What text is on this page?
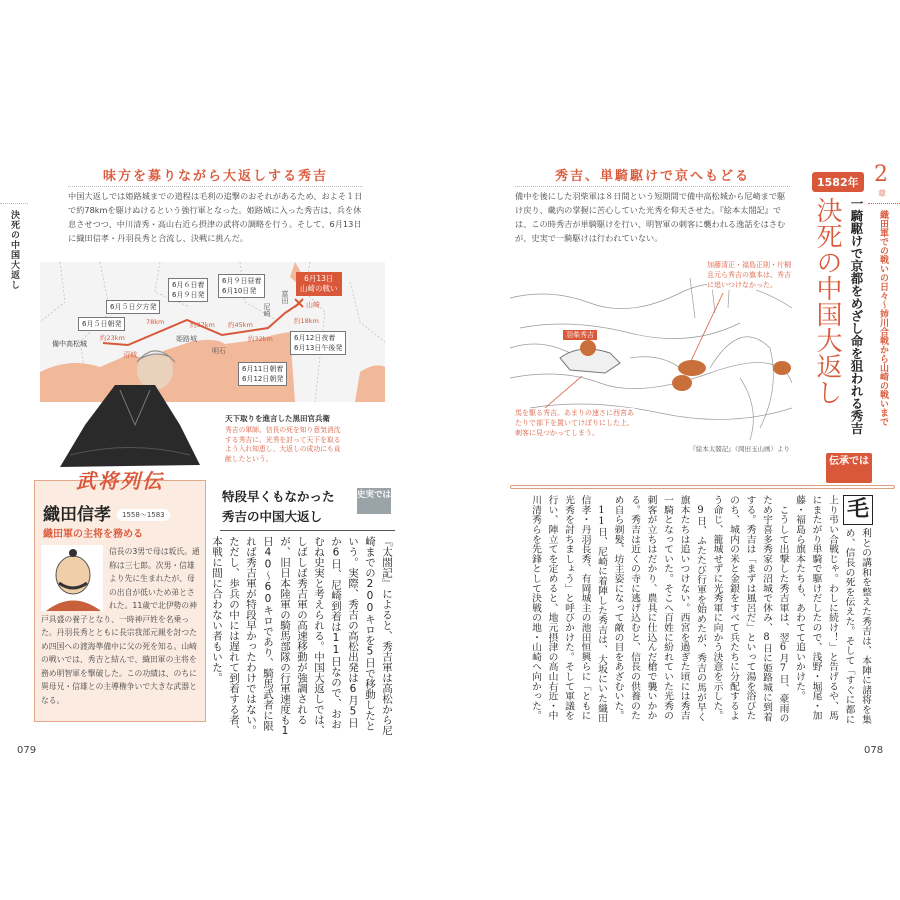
決死の中国大返し
味方を募りながら大返しする秀吉
中国大返しでは姫路城までの道程は毛利の追撃のおそれがあるため、およそ１日で約78kmを駆けぬけるという強行軍となった。姫路城に入った秀吉は、兵を休息させつつ、中川清秀・高山右近ら摂津の武将の調略を行う。そして、6月13日に織田信孝・丹羽長秀と合流し、決戦に挑んだ。
備中高松城
沼城
姫路城
明石
尼崎
富田
山崎
約23km
78km	約37km 約45km
約32km
約18km
6月５日朝発
6月５日夕方発
6月６日着
6月９日発
6月９日昼着
6月10日発
6月11日朝着
6月12日朝発
6月12日夜着
6月13日午後発
6月13日
山崎の戦い
天下取りを進言した黒田官兵衛
秀吉の軍師。信長の死を知り意気消沈する秀吉に、光秀を討って天下を取るよう入れ知恵し、大返しの成功にも貢献したという。
武将列伝
織田信孝	1558～1583
織田軍の主将を務める
信長の3男で母は坂氏。通称は三七郎。次男・信雄より先に生まれたが、母の出自が低いため弟とされた。11歳で北伊勢の神戸具盛の養子となり、一時神戸姓を名乗った。丹羽長秀とともに長宗我部元親を討つため四国への渡海準備中に父の死を知る。山崎の戦いでは、秀吉と結んで、織田軍の主将を務め明智軍を撃破した。この功績は、のちに異母兄・信雄との主導権争いで大きな武器となる。
特段早くもなかった
秀吉の中国大返し
史実では
『太閤記』によると、秀吉軍は高松から尼崎までの200キロを5日で移動したという。実際、秀吉の高松出発は6月5日か6日、尼崎到着は11日なので、おおむね史実と考えられる。中国大返しでは、しばしば秀吉軍の高速移動が強調されるが、旧日本陸軍の騎馬部隊の行軍速度も1日40～60キロであり、騎馬武者に限れば秀吉軍が特段早かったわけではない。ただし、歩兵の中には遅れて到着する者、本戦に間に合わない者もいた。
079
秀吉、単騎駆けで京へもどる
備中を後にした羽柴軍は８日間という短期間で備中高松城から尼崎まで駆け戻り、畿内の掌握に苦心していた光秀を仰天させた。『絵本太閤記』では、この時秀吉が単騎駆けを行い、明智軍の刺客に襲われる逸話をはさむが、史実で一騎駆けは行われていない。
加藤清正・福島正則・片桐且元ら秀吉の旗本は、秀吉に追いつけなかった。
羽柴秀吉
馬を駆る秀吉。あまりの速さに西宮あたりで部下を置いてけぼりにした上、刺客に見つかってしまう。
『絵本太閤記』（岡田玉山画）より
1582年
決死の中国大返し 一騎駆けで京都をめざし命を狙われる秀吉
2
章
織田軍での戦いの日々～姉川合戦から山崎の戦いまで
伝承では
毛
利との講和を整えた秀吉は、本陣に諸将を集め、信長の死を伝えた。そして「すぐに都に上り弔い合戦じゃ。わしに続け！」と告げるや、馬にまたがり単騎で駆けだしたので、浅野・堀尾・加藤・福島ら旗本たちも、あわてて追いかけた。
　こうして出撃した秀吉軍は、翌6月7日、豪雨のため宇喜多秀家の沼城で休み、8日に姫路城に到着する。秀吉は「まずは風呂だ」といって湯を浴びたのち、城内の米と金銀をすべて兵たちに分配するよう命じ、籠城せずに光秀軍に向かう決意を示した。
　9日、ふたたび行軍を始めたが、秀吉の馬が早く旗本たちは追いつけない。西宮を過ぎた頃には秀吉一騎となっていた。そこへ百姓に紛れていた光秀の刺客が立ちはだかり、農具に仕込んだ槍で襲いかかる。秀吉は近くの寺に逃げ込むと、信長の供養のため自ら剃髪、坊主姿になって敵の目をあざむいた。
　11日、尼崎に着陣した秀吉は、大坂にいた織田信孝・丹羽長秀、有岡城主の池田恒興らに「ともに光秀を討ちましょう」と呼びかけた。そして軍議を行い、陣立てを定めると、地元摂津の高山右近・中川清秀らを先鋒として決戦の地・山崎へ向かった。
078
